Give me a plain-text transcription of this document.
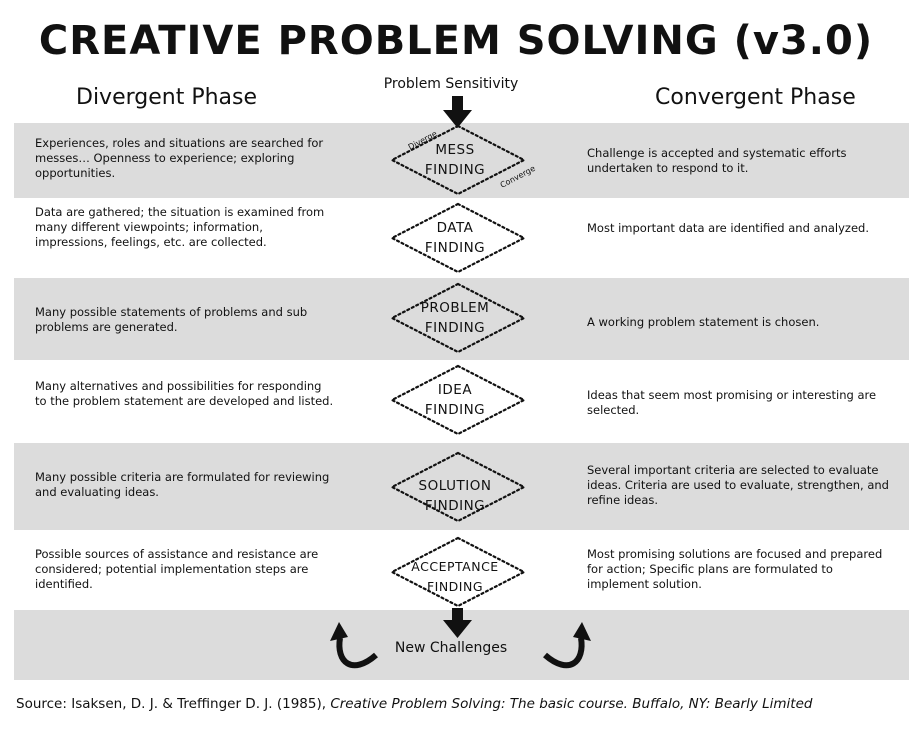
CREATIVE PROBLEM SOLVING (v3.0)
Divergent Phase	Convergent Phase
Problem Sensitivity
Experiences, roles and situations are searched for messes… Openness to experience; exploring opportunities.
Data are gathered; the situation is examined from many different viewpoints; information, impressions, feelings, etc. are collected.
Many possible statements of problems and sub problems are generated.
Many alternatives and possibilities for responding to the problem statement are developed and listed.
Many possible criteria are formulated for reviewing and evaluating ideas.
Possible sources of assistance and resistance are considered; potential implementation steps are identified.
Challenge is accepted and systematic efforts undertaken to respond to it.
Most important data are identified and analyzed.
A working problem statement is chosen.
Ideas that seem most promising or interesting are selected.
Several important criteria are selected to evaluate ideas. Criteria are used to evaluate, strengthen, and refine ideas.
Most promising solutions are focused and prepared for action; Specific plans are formulated to implement solution.
Diverge
Converge
MESS
FINDING
DATA
FINDING
PROBLEM
FINDING
IDEA
FINDING
SOLUTION
FINDING
ACCEPTANCE
FINDING
New Challenges
Source: Isaksen, D. J. & Treffinger D. J. (1985), Creative Problem Solving: The basic course. Buffalo, NY: Bearly Limited
